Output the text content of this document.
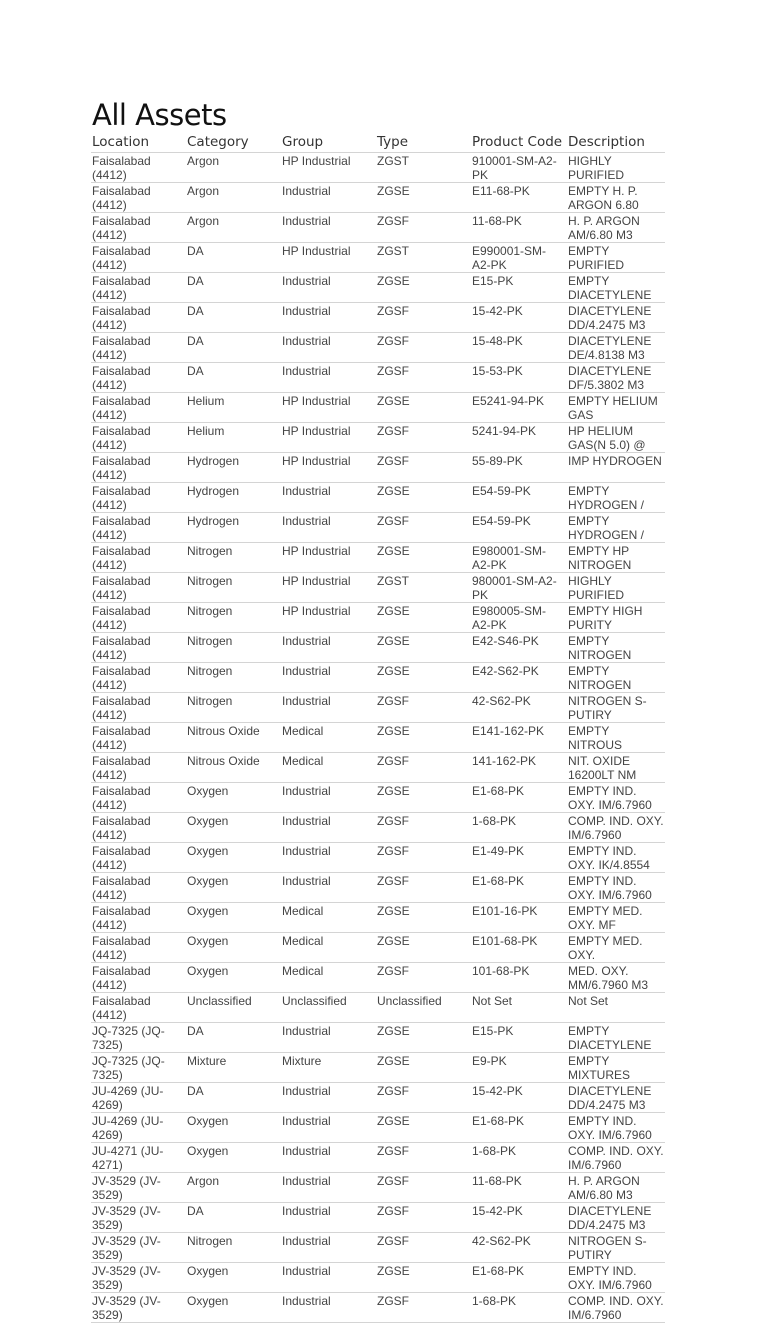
All Assets
Location	Category	Group	Type	Product Code	Description

Faisalabad (4412)	Argon	HP Industrial	ZGST	910001-SM-A2-PK	HIGHLY PURIFIED

Faisalabad (4412)	Argon	Industrial	ZGSE	E11-68-PK	EMPTY H. P. ARGON 6.80

Faisalabad (4412)	Argon	Industrial	ZGSF	11-68-PK	H. P. ARGON AM/6.80 M3

Faisalabad (4412)	DA	HP Industrial	ZGST	E990001-SM-A2-PK	EMPTY PURIFIED

Faisalabad (4412)	DA	Industrial	ZGSE	E15-PK	EMPTY DIACETYLENE

Faisalabad (4412)	DA	Industrial	ZGSF	15-42-PK	DIACETYLENE DD/4.2475 M3

Faisalabad (4412)	DA	Industrial	ZGSF	15-48-PK	DIACETYLENE DE/4.8138 M3

Faisalabad (4412)	DA	Industrial	ZGSF	15-53-PK	DIACETYLENE DF/5.3802 M3

Faisalabad (4412)	Helium	HP Industrial	ZGSE	E5241-94-PK	EMPTY HELIUM GAS

Faisalabad (4412)	Helium	HP Industrial	ZGSF	5241-94-PK	HP HELIUM GAS(N 5.0) @

Faisalabad (4412)	Hydrogen	HP Industrial	ZGSF	55-89-PK	IMP HYDROGEN

Faisalabad (4412)	Hydrogen	Industrial	ZGSE	E54-59-PK	EMPTY HYDROGEN /

Faisalabad (4412)	Hydrogen	Industrial	ZGSF	E54-59-PK	EMPTY HYDROGEN /

Faisalabad (4412)	Nitrogen	HP Industrial	ZGSE	E980001-SM-A2-PK	EMPTY HP NITROGEN

Faisalabad (4412)	Nitrogen	HP Industrial	ZGST	980001-SM-A2-PK	HIGHLY PURIFIED

Faisalabad (4412)	Nitrogen	HP Industrial	ZGSE	E980005-SM-A2-PK	EMPTY HIGH PURITY

Faisalabad (4412)	Nitrogen	Industrial	ZGSE	E42-S46-PK	EMPTY NITROGEN

Faisalabad (4412)	Nitrogen	Industrial	ZGSE	E42-S62-PK	EMPTY NITROGEN

Faisalabad (4412)	Nitrogen	Industrial	ZGSF	42-S62-PK	NITROGEN S-PUTIRY

Faisalabad (4412)	Nitrous Oxide	Medical	ZGSE	E141-162-PK	EMPTY NITROUS

Faisalabad (4412)	Nitrous Oxide	Medical	ZGSF	141-162-PK	NIT. OXIDE 16200LT NM

Faisalabad (4412)	Oxygen	Industrial	ZGSE	E1-68-PK	EMPTY IND. OXY. IM/6.7960

Faisalabad (4412)	Oxygen	Industrial	ZGSF	1-68-PK	COMP. IND. OXY. IM/6.7960

Faisalabad (4412)	Oxygen	Industrial	ZGSF	E1-49-PK	EMPTY IND. OXY. IK/4.8554

Faisalabad (4412)	Oxygen	Industrial	ZGSF	E1-68-PK	EMPTY IND. OXY. IM/6.7960

Faisalabad (4412)	Oxygen	Medical	ZGSE	E101-16-PK	EMPTY MED. OXY. MF

Faisalabad (4412)	Oxygen	Medical	ZGSE	E101-68-PK	EMPTY MED. OXY.

Faisalabad (4412)	Oxygen	Medical	ZGSF	101-68-PK	MED. OXY. MM/6.7960 M3

Faisalabad (4412)	Unclassified	Unclassified	Unclassified	Not Set	Not Set

JQ-7325 (JQ-7325)	DA	Industrial	ZGSE	E15-PK	EMPTY DIACETYLENE

JQ-7325 (JQ-7325)	Mixture	Mixture	ZGSE	E9-PK	EMPTY MIXTURES

JU-4269 (JU-4269)	DA	Industrial	ZGSF	15-42-PK	DIACETYLENE DD/4.2475 M3

JU-4269 (JU-4269)	Oxygen	Industrial	ZGSE	E1-68-PK	EMPTY IND. OXY. IM/6.7960

JU-4271 (JU-4271)	Oxygen	Industrial	ZGSF	1-68-PK	COMP. IND. OXY. IM/6.7960

JV-3529 (JV-3529)	Argon	Industrial	ZGSF	11-68-PK	H. P. ARGON AM/6.80 M3

JV-3529 (JV-3529)	DA	Industrial	ZGSF	15-42-PK	DIACETYLENE DD/4.2475 M3

JV-3529 (JV-3529)	Nitrogen	Industrial	ZGSF	42-S62-PK	NITROGEN S-PUTIRY

JV-3529 (JV-3529)	Oxygen	Industrial	ZGSE	E1-68-PK	EMPTY IND. OXY. IM/6.7960

JV-3529 (JV-3529)	Oxygen	Industrial	ZGSF	1-68-PK	COMP. IND. OXY. IM/6.7960
